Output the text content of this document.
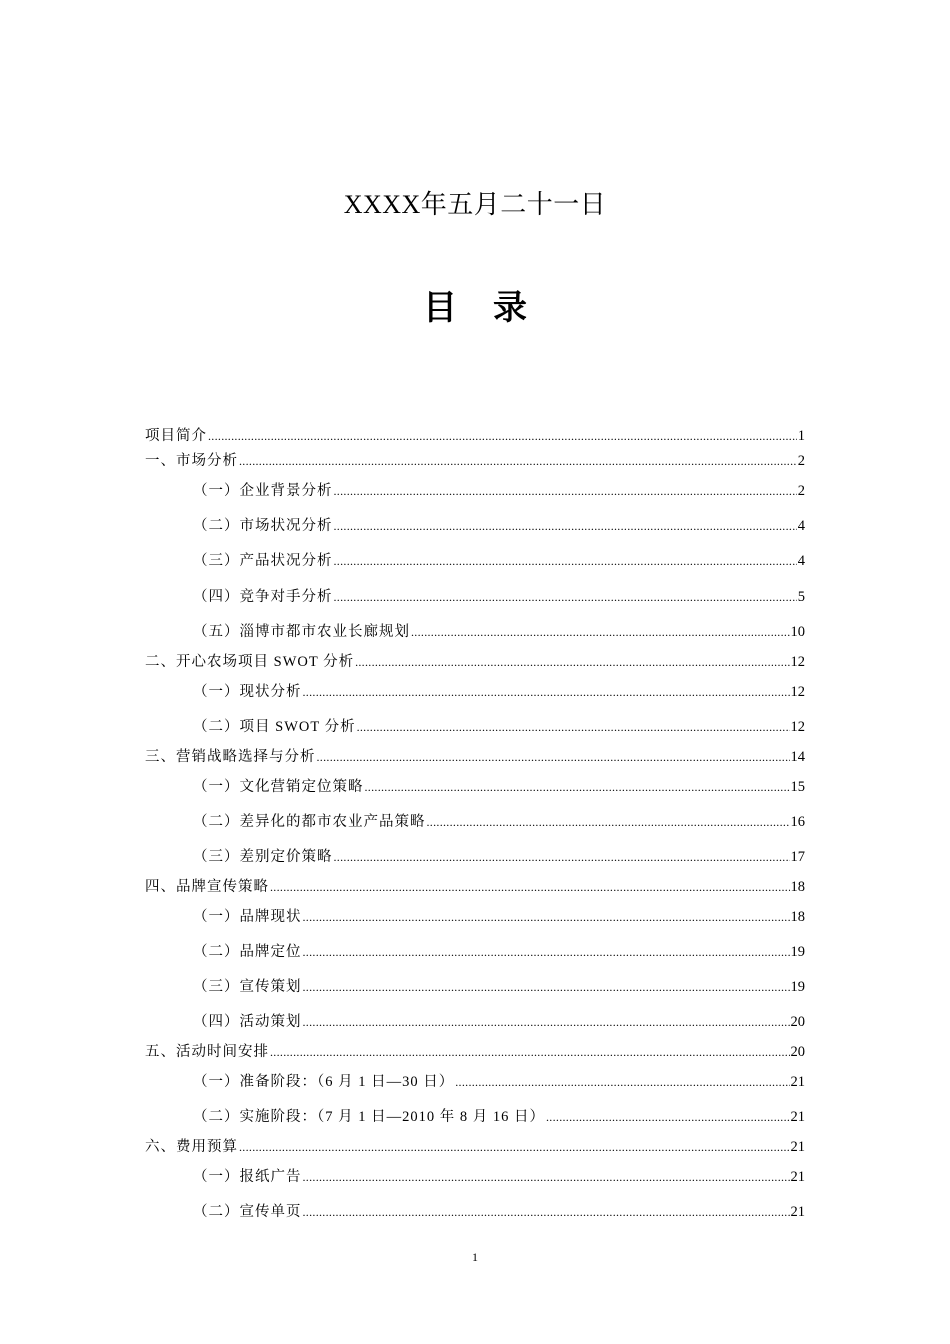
XXXX年五月二十一日
目 录
项目简介 .....	1
一、市场分析 .....	2
（一）企业背景分析 .....	2
（二）市场状况分析 .....	4
（三）产品状况分析 .....	4
（四）竞争对手分析 .....	5
（五）淄博市都市农业长廊规划 .....	10
二、开心农场项目 SWOT 分析 .....	12
（一）现状分析 .....	12
（二）项目 SWOT 分析 .....	12
三、营销战略选择与分析 .....	14
（一）文化营销定位策略 .....	15
（二）差异化的都市农业产品策略 .....	16
（三）差别定价策略 .....	17
四、品牌宣传策略 .....	18
（一）品牌现状 .....	18
（二）品牌定位 .....	19
（三）宣传策划 .....	19
（四）活动策划 .....	20
五、活动时间安排 .....	20
（一）准备阶段：（6 月 1 日—30 日） .....	21
（二）实施阶段：（7 月 1 日—2010 年 8 月 16 日） .....	21
六、费用预算 .....	21
（一）报纸广告 .....	21
（二）宣传单页 .....	21
1
